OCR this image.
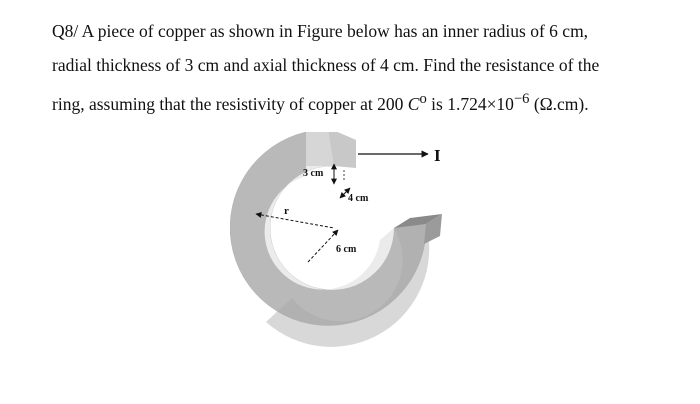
Q8/ A piece of copper as shown in Figure below has an inner radius of 6 cm,
radial thickness of 3 cm and axial thickness of 4 cm. Find the resistance of the
ring, assuming that the resistivity of copper at 200 $C^o$ is $1.724\times 10^{-6}$ (Ω.cm).
I
3 cm
4 cm
6 cm
r
